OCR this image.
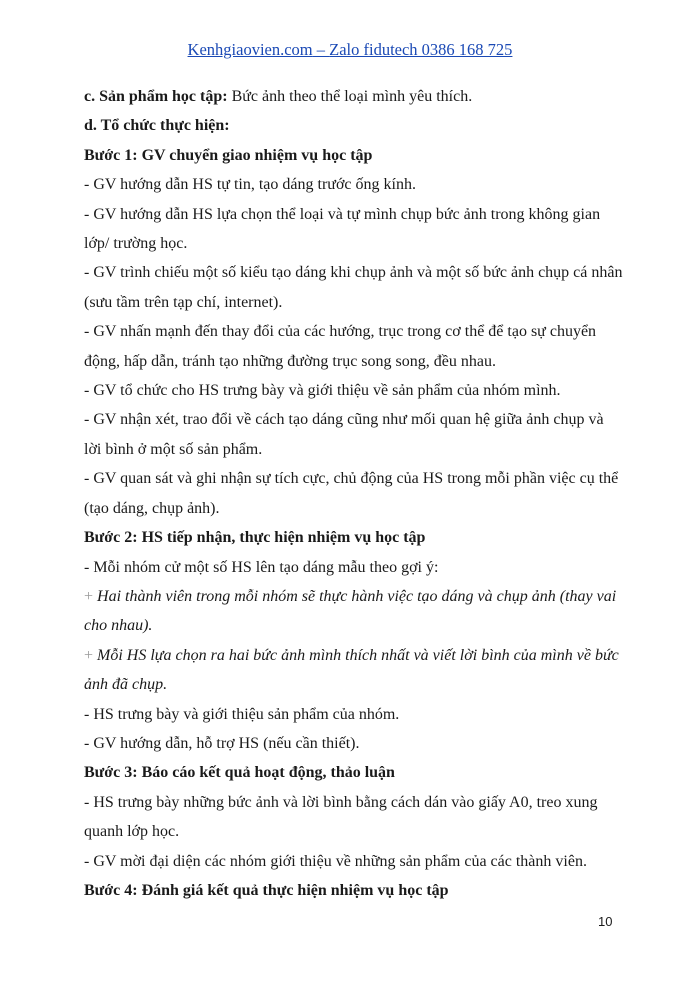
Kenhgiaovien.com – Zalo fidutech 0386 168 725

c. Sản phẩm học tập: Bức ảnh theo thể loại mình yêu thích.

d. Tổ chức thực hiện:

Bước 1: GV chuyển giao nhiệm vụ học tập

- GV hướng dẫn HS tự tin, tạo dáng trước ống kính.

- GV hướng dẫn HS lựa chọn thể loại và tự mình chụp bức ảnh trong không gian lớp/ trường học.

- GV trình chiếu một số kiểu tạo dáng khi chụp ảnh và một số bức ảnh chụp cá nhân (sưu tầm trên tạp chí, internet).

- GV nhấn mạnh đến thay đổi của các hướng, trục trong cơ thể để tạo sự chuyển động, hấp dẫn, tránh tạo những đường trục song song, đều nhau.

- GV tổ chức cho HS trưng bày và giới thiệu về sản phẩm của nhóm mình.

- GV nhận xét, trao đổi về cách tạo dáng cũng như mối quan hệ giữa ảnh chụp và lời bình ở một số sản phẩm.

- GV quan sát và ghi nhận sự tích cực, chủ động của HS trong mỗi phần việc cụ thể (tạo dáng, chụp ảnh).

Bước 2: HS tiếp nhận, thực hiện nhiệm vụ học tập

- Mỗi nhóm cử một số HS lên tạo dáng mẫu theo gợi ý:

+ Hai thành viên trong mỗi nhóm sẽ thực hành việc tạo dáng và chụp ảnh (thay vai cho nhau).

+ Mỗi HS lựa chọn ra hai bức ảnh mình thích nhất và viết lời bình của mình về bức ảnh đã chụp.

- HS trưng bày và giới thiệu sản phẩm của nhóm.

- GV hướng dẫn, hỗ trợ HS (nếu cần thiết).

Bước 3: Báo cáo kết quả hoạt động, thảo luận

- HS trưng bày những bức ảnh và lời bình bằng cách dán vào giấy A0, treo xung quanh lớp học.

- GV mời đại diện các nhóm giới thiệu về những sản phẩm của các thành viên.

Bước 4: Đánh giá kết quả thực hiện nhiệm vụ học tập

10
